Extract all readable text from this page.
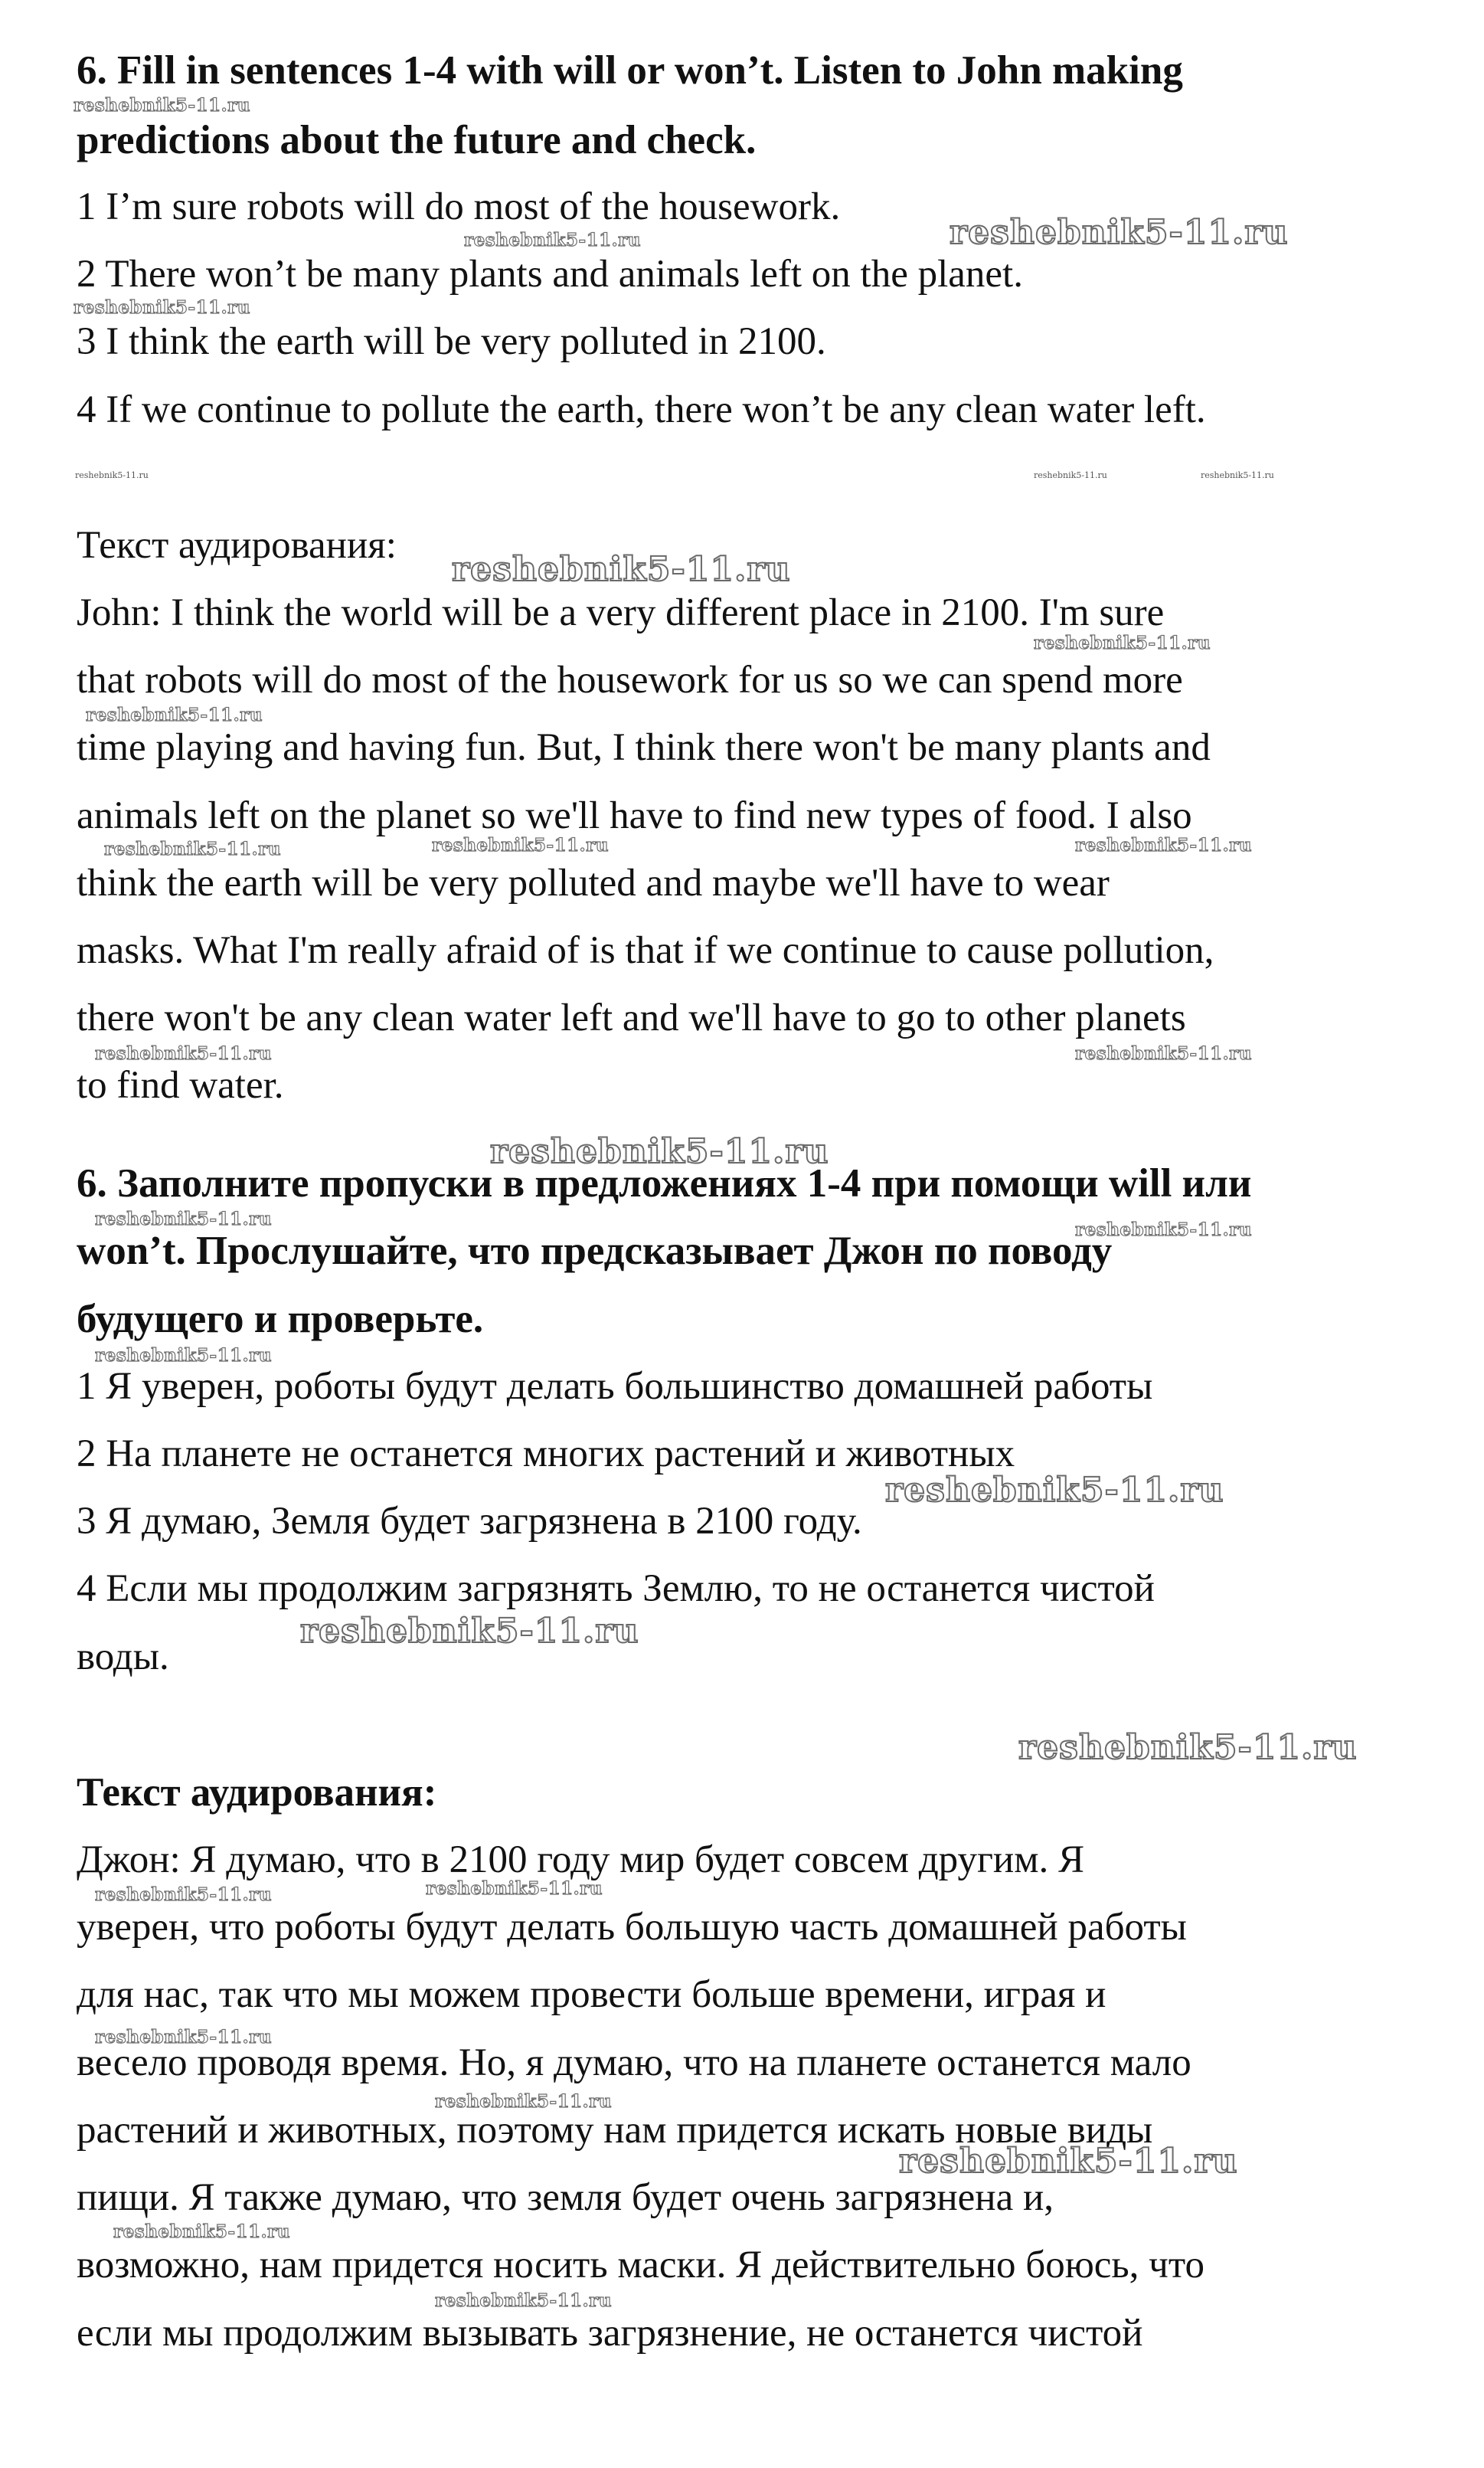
6. Fill in sentences 1-4 with will or won’t. Listen to John making
predictions about the future and check.
1 I’m sure robots will do most of the housework.
2 There won’t be many plants and animals left on the planet.
3 I think the earth will be very polluted in 2100.
4 If we continue to pollute the earth, there won’t be any clean water left.
Текст аудирования:
John: I think the world will be a very different place in 2100. I'm sure
that robots will do most of the housework for us so we can spend more
time playing and having fun. But, I think there won't be many plants and
animals left on the planet so we'll have to find new types of food. I also
think the earth will be very polluted and maybe we'll have to wear
masks. What I'm really afraid of is that if we continue to cause pollution,
there won't be any clean water left and we'll have to go to other planets
to find water.
6. Заполните пропуски в предложениях 1-4 при помощи will или
won’t. Прослушайте, что предсказывает Джон по поводу
будущего и проверьте.
1 Я уверен, роботы будут делать большинство домашней работы
2 На планете не останется многих растений и животных
3 Я думаю, Земля будет загрязнена в 2100 году.
4 Если мы продолжим загрязнять Землю, то не останется чистой
воды.
Текст аудирования:
Джон: Я думаю, что в 2100 году мир будет совсем другим. Я
уверен, что роботы будут делать большую часть домашней работы
для нас, так что мы можем провести больше времени, играя и
весело проводя время. Но, я думаю, что на планете останется мало
растений и животных, поэтому нам придется искать новые виды
пищи. Я также думаю, что земля будет очень загрязнена и,
возможно, нам придется носить маски. Я действительно боюсь, что
если мы продолжим вызывать загрязнение, не останется чистой
reshebnik5-11.ru
reshebnik5-11.ru	reshebnik5-11.ru
reshebnik5-11.ru
reshebnik5-11.ru	reshebnik5-11.ru	reshebnik5-11.ru
reshebnik5-11.ru
reshebnik5-11.ru
reshebnik5-11.ru
reshebnik5-11.ru	reshebnik5-11.ru	reshebnik5-11.ru
reshebnik5-11.ru	reshebnik5-11.ru
reshebnik5-11.ru
reshebnik5-11.ru
reshebnik5-11.ru
reshebnik5-11.ru
reshebnik5-11.ru
reshebnik5-11.ru
reshebnik5-11.ru
reshebnik5-11.ru	reshebnik5-11.ru
reshebnik5-11.ru
reshebnik5-11.ru
reshebnik5-11.ru
reshebnik5-11.ru
reshebnik5-11.ru
